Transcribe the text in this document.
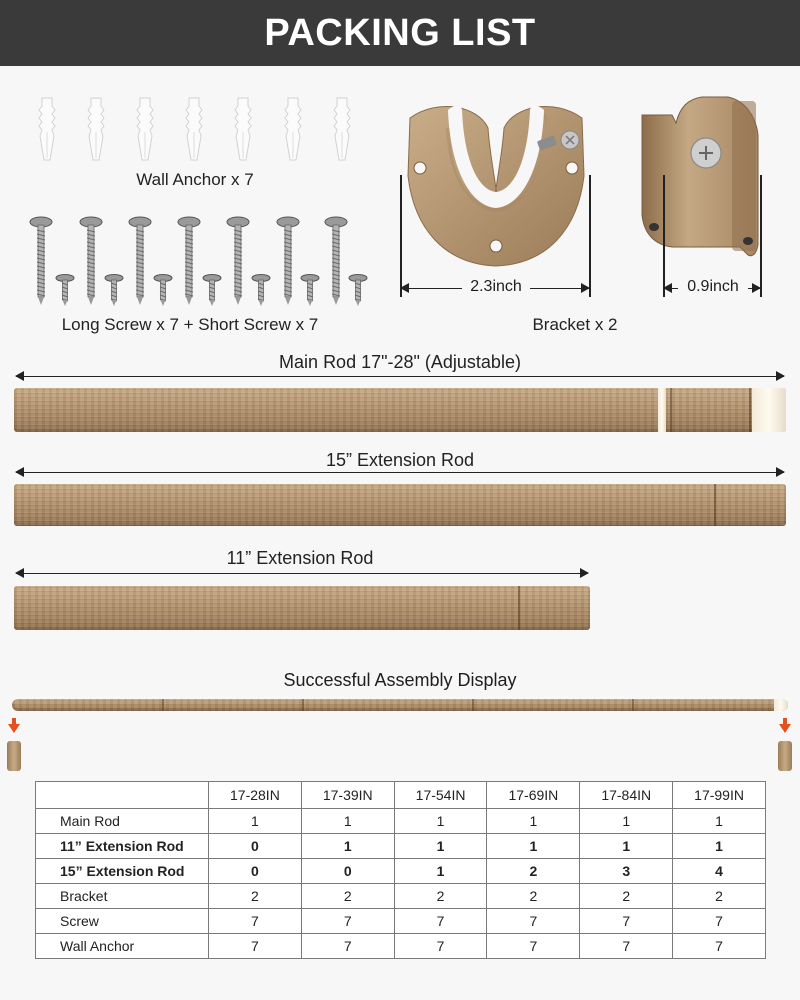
PACKING LIST
Wall Anchor x 7
Long Screw x 7 + Short Screw x 7
2.3inch	0.9inch
Bracket x 2
Main Rod 17"-28" (Adjustable)
15” Extension Rod
11” Extension Rod
Successful Assembly Display
	17-28IN	17-39IN	17-54IN	17-69IN	17-84IN	17-99IN
Main Rod	1	1	1	1	1	1
11” Extension Rod	0	1	1	1	1	1
15” Extension Rod	0	0	1	2	3	4
Bracket	2	2	2	2	2	2
Screw	7	7	7	7	7	7
Wall Anchor	7	7	7	7	7	7
